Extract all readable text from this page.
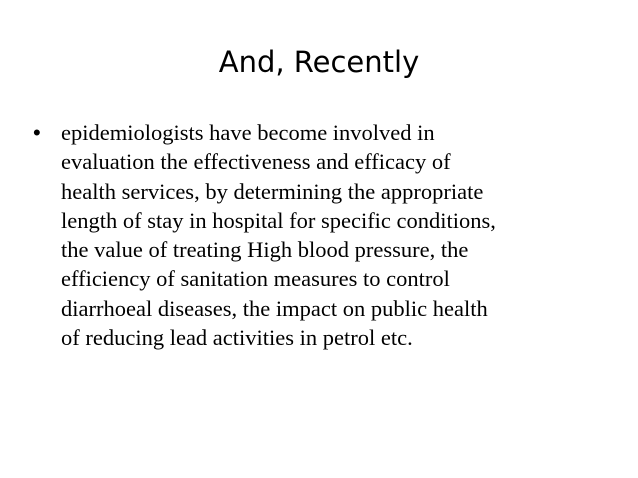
And, Recently
• epidemiologists have become involved in
evaluation the effectiveness and efficacy of
health services, by determining the appropriate
length of stay in hospital for specific conditions,
the value of treating High blood pressure, the
efficiency of sanitation measures to control
diarrhoeal diseases, the impact on public health
of reducing lead activities in petrol etc.
